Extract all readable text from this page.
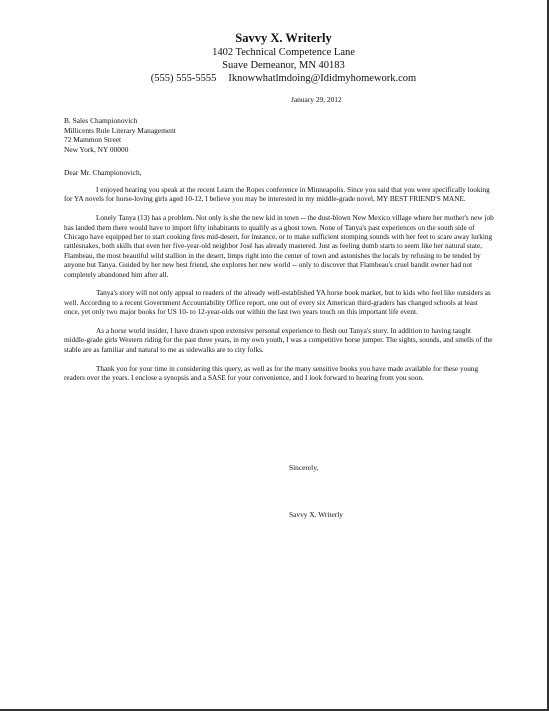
Savvy X. Writerly
1402 Technical Competence Lane
Suave Demeanor, MN 40183
(555) 555-5555 Iknowwhatlmdoing@Ididmyhomework.com
January 29, 2012
B. Sales Championovich
Millicents Rule Literary Management
72 Mammon Street
New York, NY 00000
Dear Mr. Championovich,

I enjoyed hearing you speak at the recent Learn the Ropes conference in Minneapolis. Since you said that you were specifically looking for YA novels for horse-loving girls aged 10-12, I believe you may be interested in my middle-grade novel, MY BEST FRIEND'S MANE.

Lonely Tanya (13) has a problem. Not only is she the new kid in town -- the dust-blown New Mexico village where her mother's new job has landed them there would have to import fifty inhabitants to qualify as a ghost town. None of Tanya's past experiences on the south side of Chicago have equipped her to start cooking fires mid-desert, for instance, or to make sufficient stomping sounds with her feet to scare away lurking rattlesnakes, both skills that even her five-year-old neighbor José has already mastered. Just as feeling dumb starts to seem like her natural state, Flambeau, the most beautiful wild stallion in the desert, limps right into the center of town and astonishes the locals by refusing to be tended by anyone but Tanya. Guided by her new best friend, she explores her new world -- only to discover that Flambeau's cruel bandit owner had not completely abandoned him after all.

Tanya's story will not only appeal to readers of the already well-established YA horse book market, but to kids who feel like outsiders as well. According to a recent Government Accountability Office report, one out of every six American third-graders has changed schools at least once, yet only two major books for US 10- to 12-year-olds out within the last two years touch on this important life event.

As a horse world insider, I have drawn upon extensive personal experience to flesh out Tanya's story. In addition to having taught middle-grade girls Western riding for the past three years, in my own youth, I was a competitive horse jumper. The sights, sounds, and smells of the stable are as familiar and natural to me as sidewalks are to city folks.

Thank you for your time in considering this query, as well as for the many sensitive books you have made available for these young readers over the years. I enclose a synopsis and a SASE for your convenience, and I look forward to hearing from you soon.

Sincerely,
Savvy X. Writerly
